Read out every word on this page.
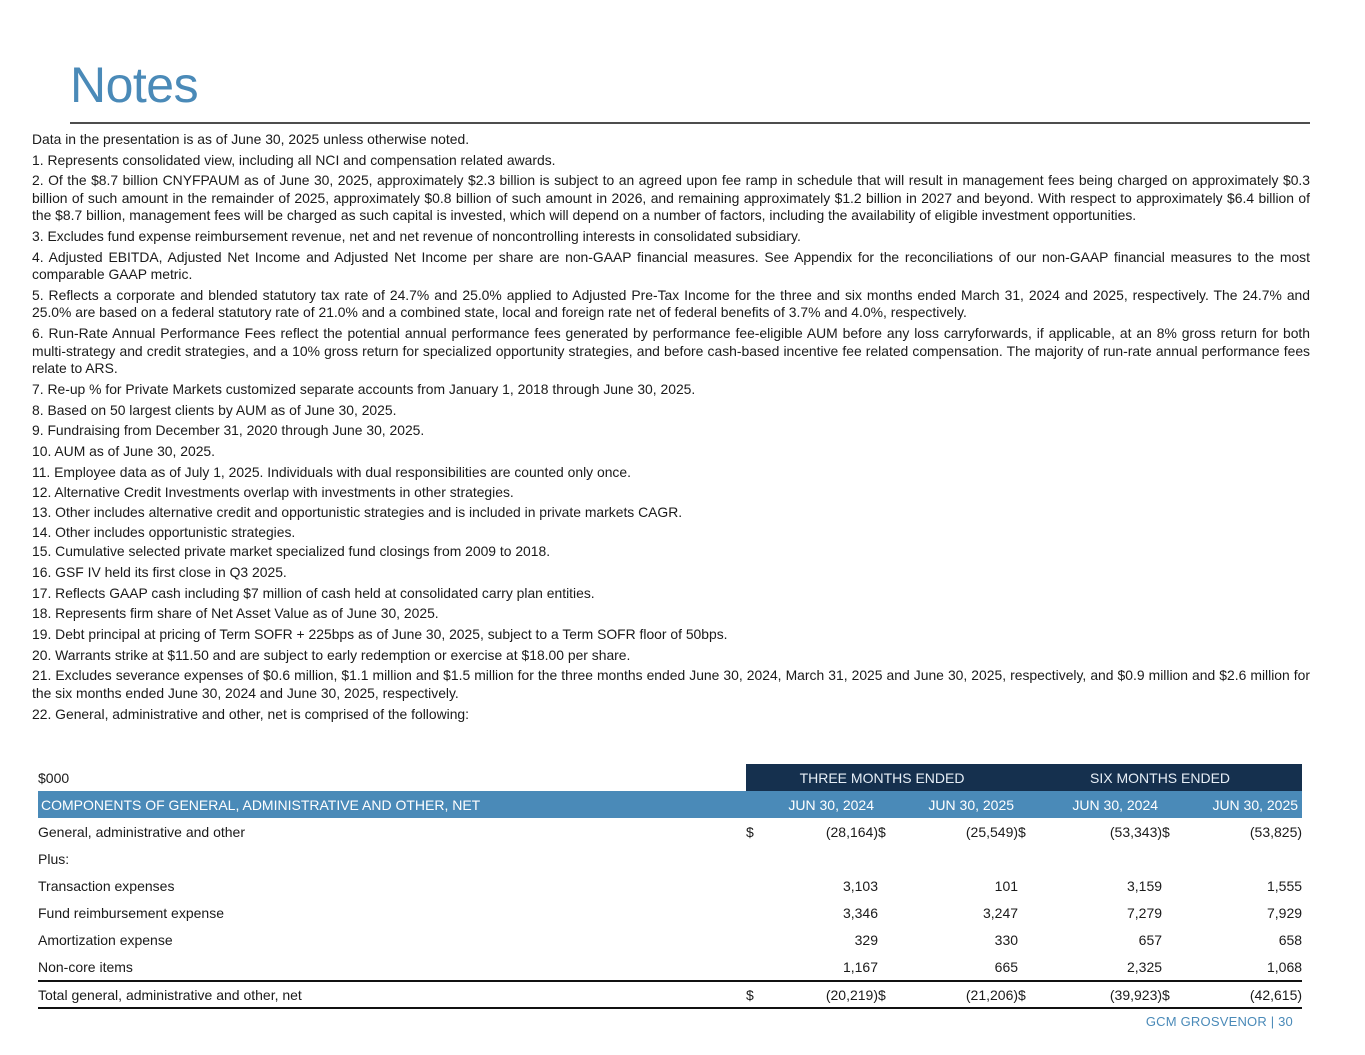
Notes

Data in the presentation is as of June 30, 2025 unless otherwise noted.

1. Represents consolidated view, including all NCI and compensation related awards.

2. Of the $8.7 billion CNYFPAUM as of June 30, 2025, approximately $2.3 billion is subject to an agreed upon fee ramp in schedule that will result in management fees being charged on approximately $0.3 billion of such amount in the remainder of 2025, approximately $0.8 billion of such amount in 2026, and remaining approximately $1.2 billion in 2027 and beyond. With respect to approximately $6.4 billion of the $8.7 billion, management fees will be charged as such capital is invested, which will depend on a number of factors, including the availability of eligible investment opportunities.

3. Excludes fund expense reimbursement revenue, net and net revenue of noncontrolling interests in consolidated subsidiary.

4. Adjusted EBITDA, Adjusted Net Income and Adjusted Net Income per share are non-GAAP financial measures. See Appendix for the reconciliations of our non-GAAP financial measures to the most comparable GAAP metric.

5. Reflects a corporate and blended statutory tax rate of 24.7% and 25.0% applied to Adjusted Pre-Tax Income for the three and six months ended March 31, 2024 and 2025, respectively. The 24.7% and 25.0% are based on a federal statutory rate of 21.0% and a combined state, local and foreign rate net of federal benefits of 3.7% and 4.0%, respectively.

6. Run-Rate Annual Performance Fees reflect the potential annual performance fees generated by performance fee-eligible AUM before any loss carryforwards, if applicable, at an 8% gross return for both multi-strategy and credit strategies, and a 10% gross return for specialized opportunity strategies, and before cash-based incentive fee related compensation. The majority of run-rate annual performance fees relate to ARS.

7. Re-up % for Private Markets customized separate accounts from January 1, 2018 through June 30, 2025.

8. Based on 50 largest clients by AUM as of June 30, 2025.

9. Fundraising from December 31, 2020 through June 30, 2025.

10. AUM as of June 30, 2025.

11. Employee data as of July 1, 2025. Individuals with dual responsibilities are counted only once.

12. Alternative Credit Investments overlap with investments in other strategies.

13. Other includes alternative credit and opportunistic strategies and is included in private markets CAGR.

14. Other includes opportunistic strategies.

15. Cumulative selected private market specialized fund closings from 2009 to 2018.

16. GSF IV held its first close in Q3 2025.

17. Reflects GAAP cash including $7 million of cash held at consolidated carry plan entities.

18. Represents firm share of Net Asset Value as of June 30, 2025.

19. Debt principal at pricing of Term SOFR + 225bps as of June 30, 2025, subject to a Term SOFR floor of 50bps.

20. Warrants strike at $11.50 and are subject to early redemption or exercise at $18.00 per share.

21. Excludes severance expenses of $0.6 million, $1.1 million and $1.5 million for the three months ended June 30, 2024, March 31, 2025 and June 30, 2025, respectively, and $0.9 million and $2.6 million for the six months ended June 30, 2024 and June 30, 2025, respectively.

22. General, administrative and other, net is comprised of the following:

$000	THREE MONTHS ENDED				SIX MONTHS ENDED			
COMPONENTS OF GENERAL, ADMINISTRATIVE AND OTHER, NET	JUN 30, 2024		JUN 30, 2025		JUN 30, 2024		JUN 30, 2025	
General, administrative and other	$	(28,164)	$	(25,549)	$	(53,343)	$	(53,825)
Plus:								
Transaction expenses		3,103		101		3,159		1,555
Fund reimbursement expense		3,346		3,247		7,279		7,929
Amortization expense		329		330		657		658
Non-core items		1,167		665		2,325		1,068
Total general, administrative and other, net	$	(20,219)	$	(21,206)	$	(39,923)	$	(42,615)
GCM GROSVENOR | 30
